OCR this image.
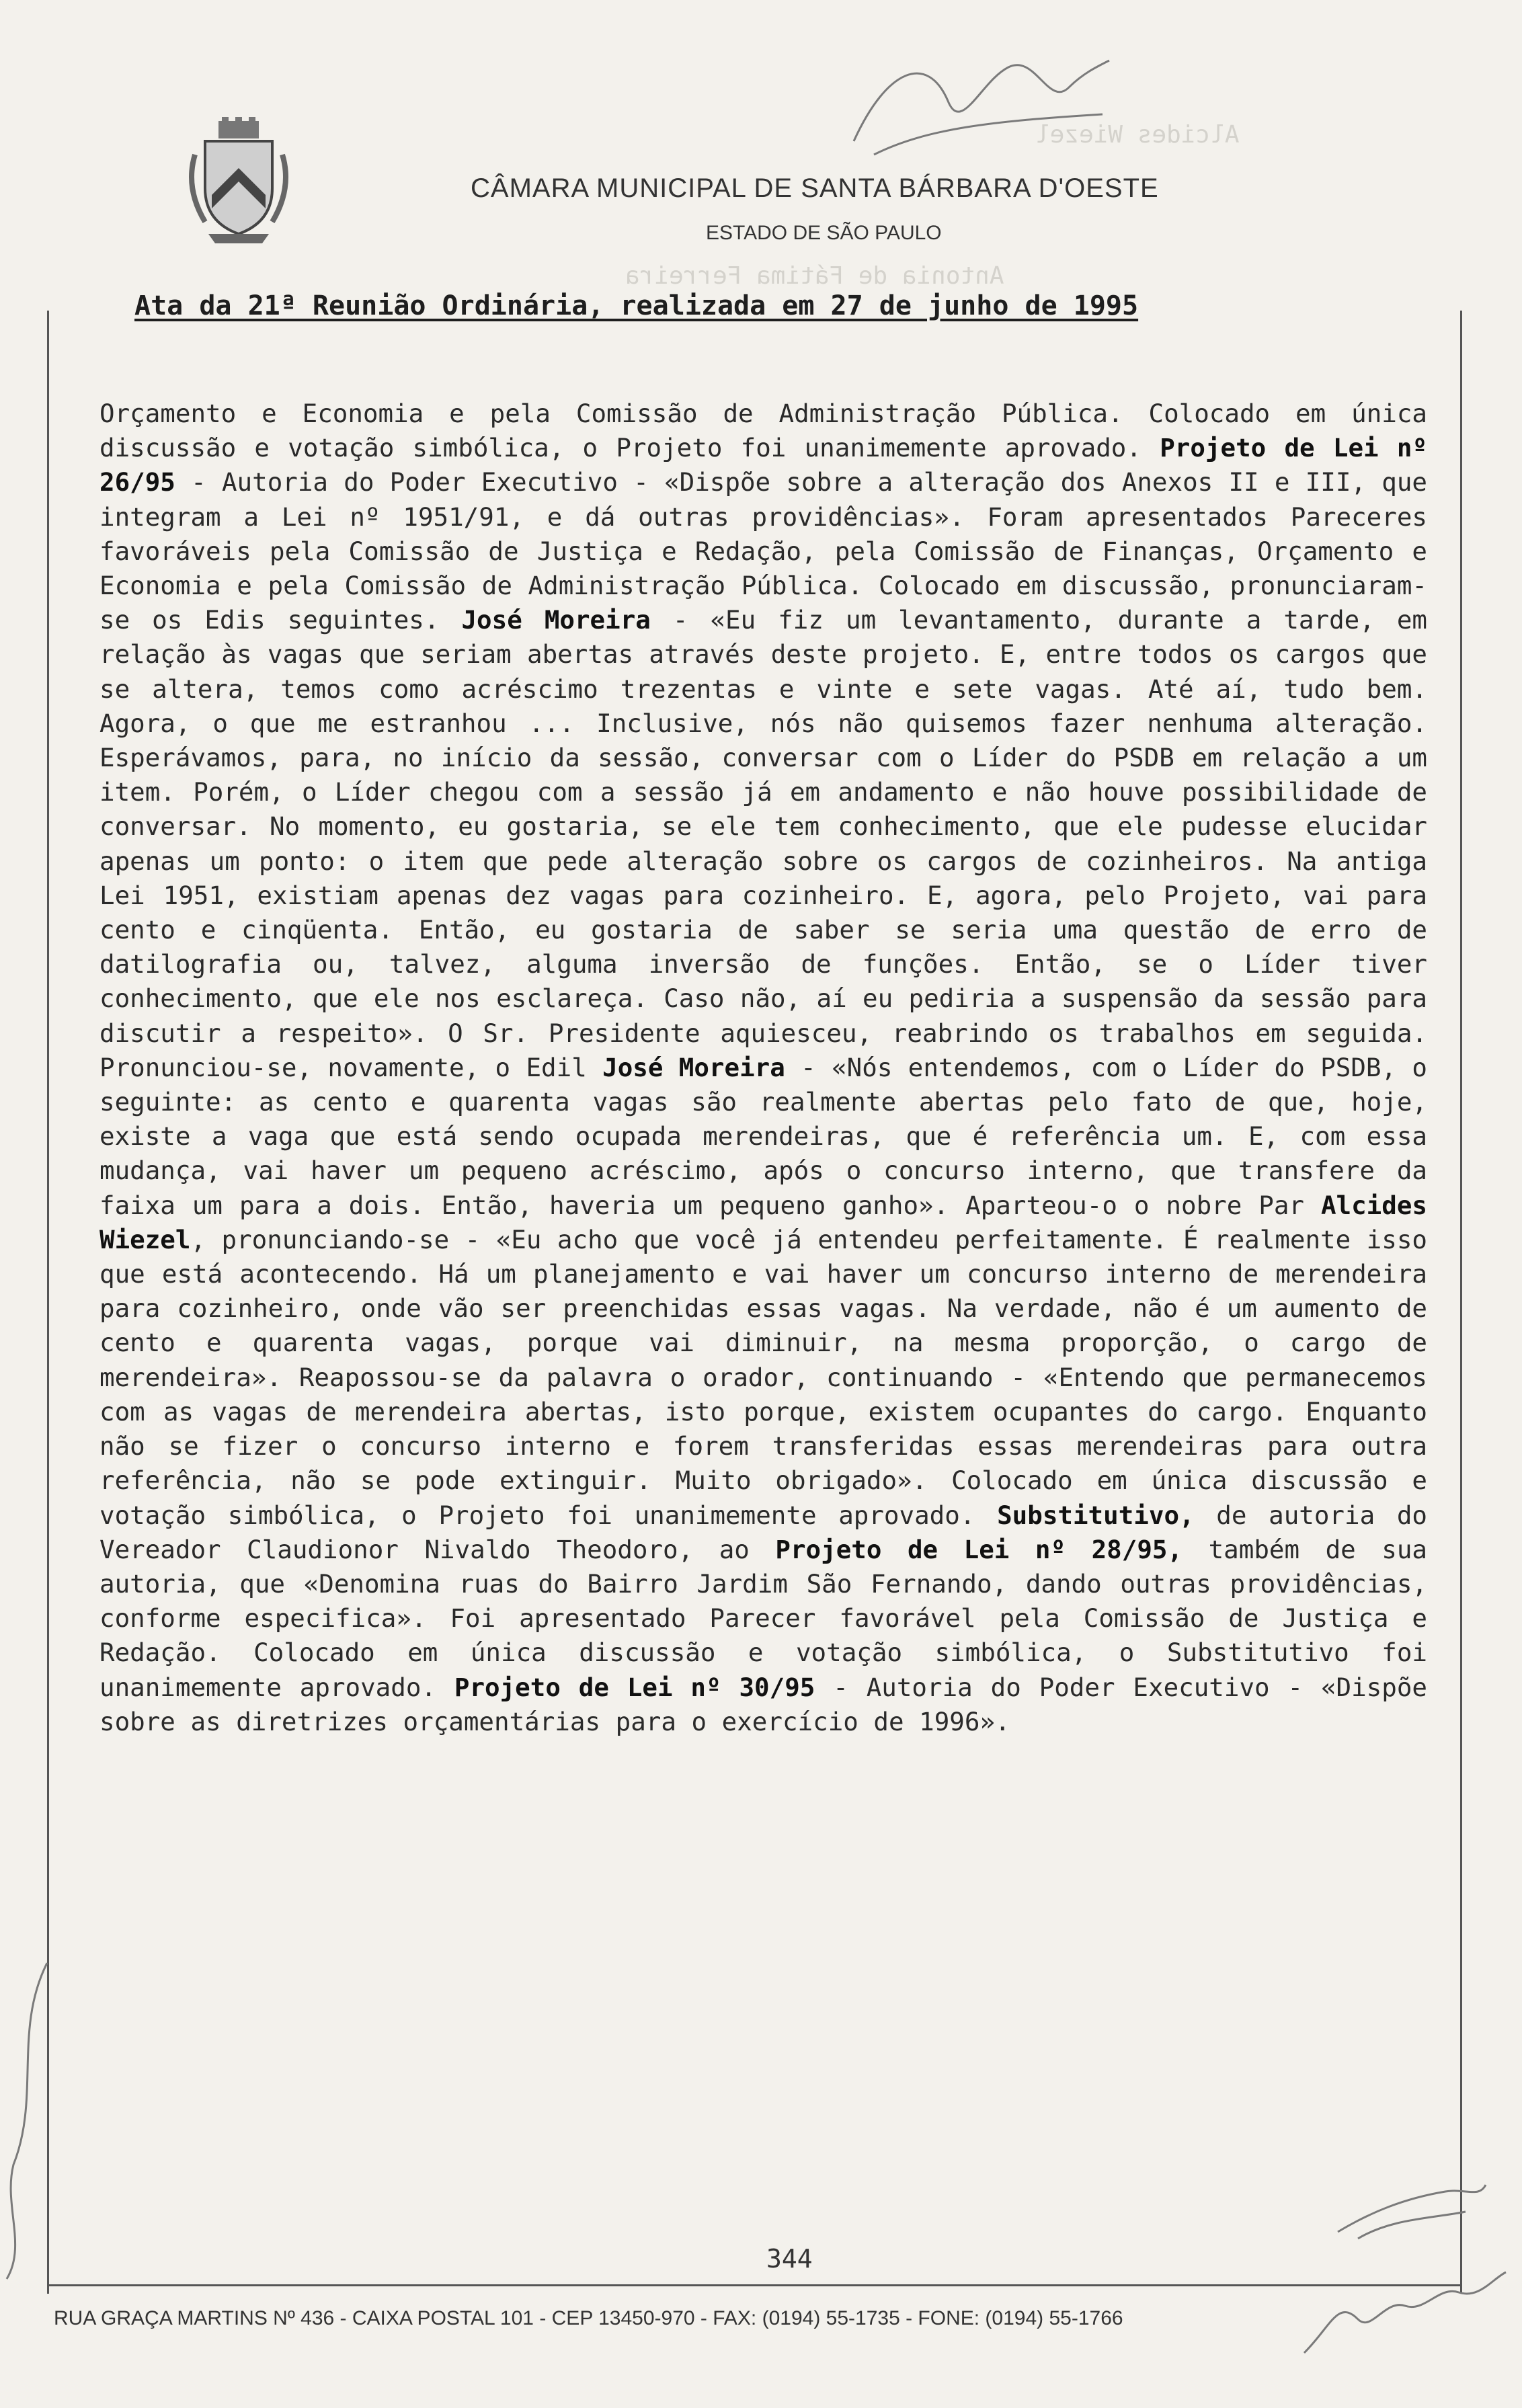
Alcides Wiezel
Antonia de Fátima Ferreira
CÂMARA MUNICIPAL DE SANTA BÁRBARA D'OESTE
ESTADO DE SÃO PAULO
Ata da 21ª Reunião Ordinária, realizada em 27 de junho de 1995
Orçamento e Economia e pela Comissão de Administração Pública. Colocado em única discussão e votação simbólica, o Projeto foi unanimemente aprovado. Projeto de Lei nº 26/95 - Autoria do Poder Executivo - «Dispõe sobre a alteração dos Anexos II e III, que integram a Lei nº 1951/91, e dá outras providências». Foram apresentados Pareceres favoráveis pela Comissão de Justiça e Redação, pela Comissão de Finanças, Orçamento e Economia e pela Comissão de Administração Pública. Colocado em discussão, pronunciaram-se os Edis seguintes. José Moreira - «Eu fiz um levantamento, durante a tarde, em relação às vagas que seriam abertas através deste projeto. E, entre todos os cargos que se altera, temos como acréscimo trezentas e vinte e sete vagas. Até aí, tudo bem. Agora, o que me estranhou ... Inclusive, nós não quisemos fazer nenhuma alteração. Esperávamos, para, no início da sessão, conversar com o Líder do PSDB em relação a um item. Porém, o Líder chegou com a sessão já em andamento e não houve possibilidade de conversar. No momento, eu gostaria, se ele tem conhecimento, que ele pudesse elucidar apenas um ponto: o item que pede alteração sobre os cargos de cozinheiros. Na antiga Lei 1951, existiam apenas dez vagas para cozinheiro. E, agora, pelo Projeto, vai para cento e cinqüenta. Então, eu gostaria de saber se seria uma questão de erro de datilografia ou, talvez, alguma inversão de funções. Então, se o Líder tiver conhecimento, que ele nos esclareça. Caso não, aí eu pediria a suspensão da sessão para discutir a respeito». O Sr. Presidente aquiesceu, reabrindo os trabalhos em seguida. Pronunciou-se, novamente, o Edil José Moreira - «Nós entendemos, com o Líder do PSDB, o seguinte: as cento e quarenta vagas são realmente abertas pelo fato de que, hoje, existe a vaga que está sendo ocupada merendeiras, que é referência um. E, com essa mudança, vai haver um pequeno acréscimo, após o concurso interno, que transfere da faixa um para a dois. Então, haveria um pequeno ganho». Aparteou-o o nobre Par Alcides Wiezel, pronunciando-se - «Eu acho que você já entendeu perfeitamente. É realmente isso que está acontecendo. Há um planejamento e vai haver um concurso interno de merendeira para cozinheiro, onde vão ser preenchidas essas vagas. Na verdade, não é um aumento de cento e quarenta vagas, porque vai diminuir, na mesma proporção, o cargo de merendeira». Reapossou-se da palavra o orador, continuando - «Entendo que permanecemos com as vagas de merendeira abertas, isto porque, existem ocupantes do cargo. Enquanto não se fizer o concurso interno e forem transferidas essas merendeiras para outra referência, não se pode extinguir. Muito obrigado». Colocado em única discussão e votação simbólica, o Projeto foi unanimemente aprovado. Substitutivo, de autoria do Vereador Claudionor Nivaldo Theodoro, ao Projeto de Lei nº 28/95, também de sua autoria, que «Denomina ruas do Bairro Jardim São Fernando, dando outras providências, conforme especifica». Foi apresentado Parecer favorável pela Comissão de Justiça e Redação. Colocado em única discussão e votação simbólica, o Substitutivo foi unanimemente aprovado. Projeto de Lei nº 30/95 - Autoria do Poder Executivo - «Dispõe sobre as diretrizes orçamentárias para o exercício de 1996».
344
RUA GRAÇA MARTINS Nº 436 - CAIXA POSTAL 101 - CEP 13450-970 - FAX: (0194) 55-1735 - FONE: (0194) 55-1766
